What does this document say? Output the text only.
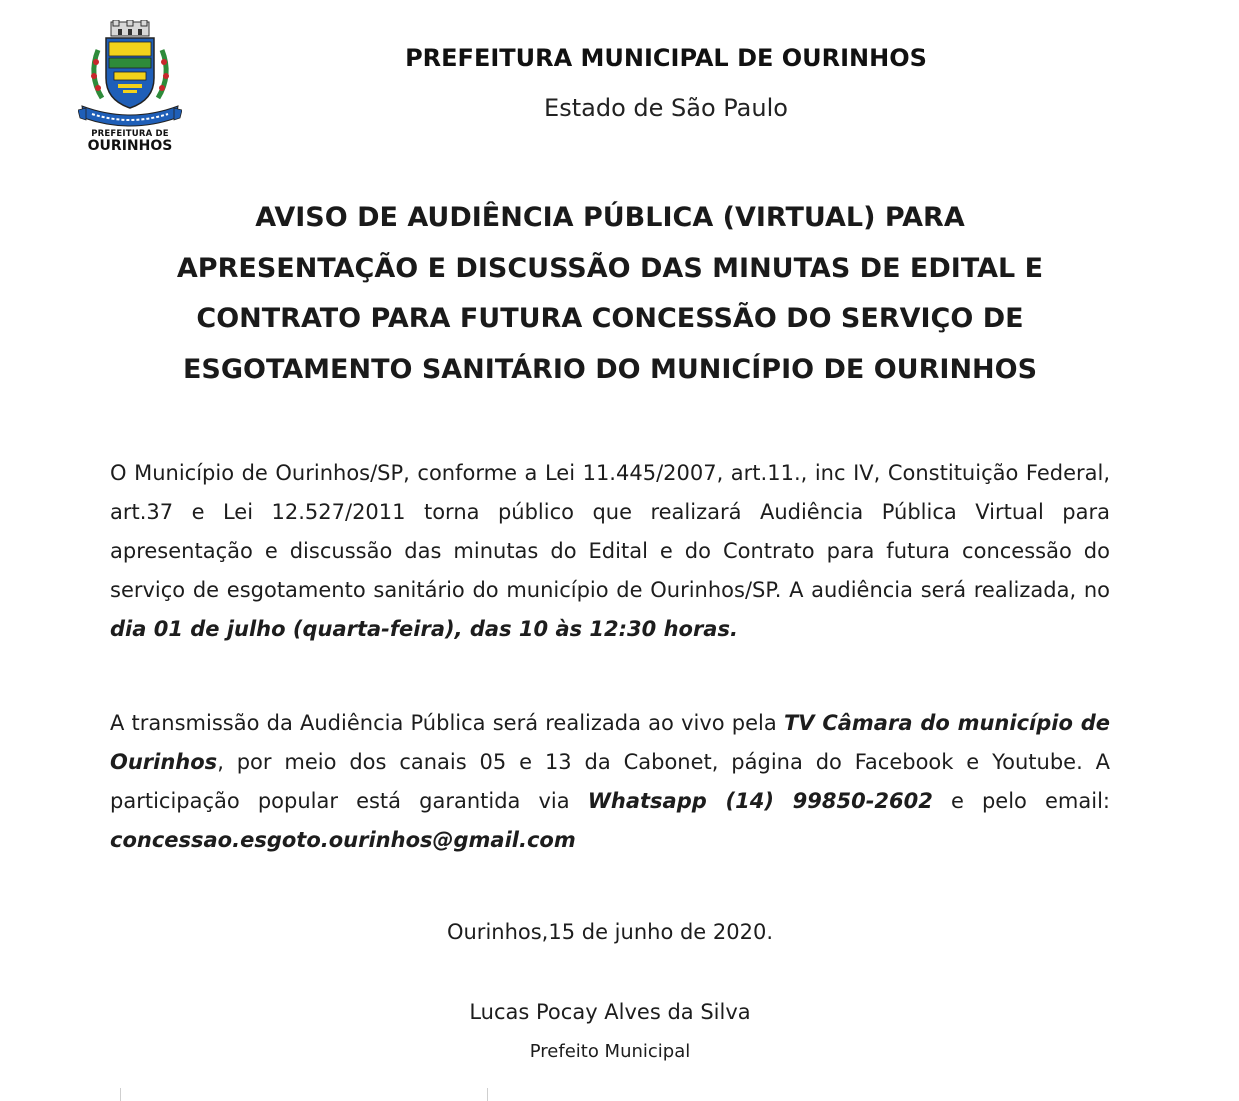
PREFEITURA DE
OURINHOS
PREFEITURA MUNICIPAL DE OURINHOS
Estado de São Paulo
AVISO DE AUDIÊNCIA PÚBLICA (VIRTUAL) PARA
APRESENTAÇÃO E DISCUSSÃO DAS MINUTAS DE EDITAL E
CONTRATO PARA FUTURA CONCESSÃO DO SERVIÇO DE
ESGOTAMENTO SANITÁRIO DO MUNICÍPIO DE OURINHOS

O Município de Ourinhos/SP, conforme a Lei 11.445/2007, art.11., inc IV, Constituição Federal, art.37 e Lei 12.527/2011 torna público que realizará Audiência Pública Virtual para apresentação e discussão das minutas do Edital e do Contrato para futura concessão do serviço de esgotamento sanitário do município de Ourinhos/SP. A audiência será realizada, no dia 01 de julho (quarta-feira), das 10 às 12:30 horas.

A transmissão da Audiência Pública será realizada ao vivo pela TV Câmara do município de Ourinhos, por meio dos canais 05 e 13 da Cabonet, página do Facebook e Youtube. A participação popular está garantida via Whatsapp (14) 99850-2602 e pelo email: concessao.esgoto.ourinhos@gmail.com

Ourinhos,15 de junho de 2020.
Lucas Pocay Alves da Silva
Prefeito Municipal
